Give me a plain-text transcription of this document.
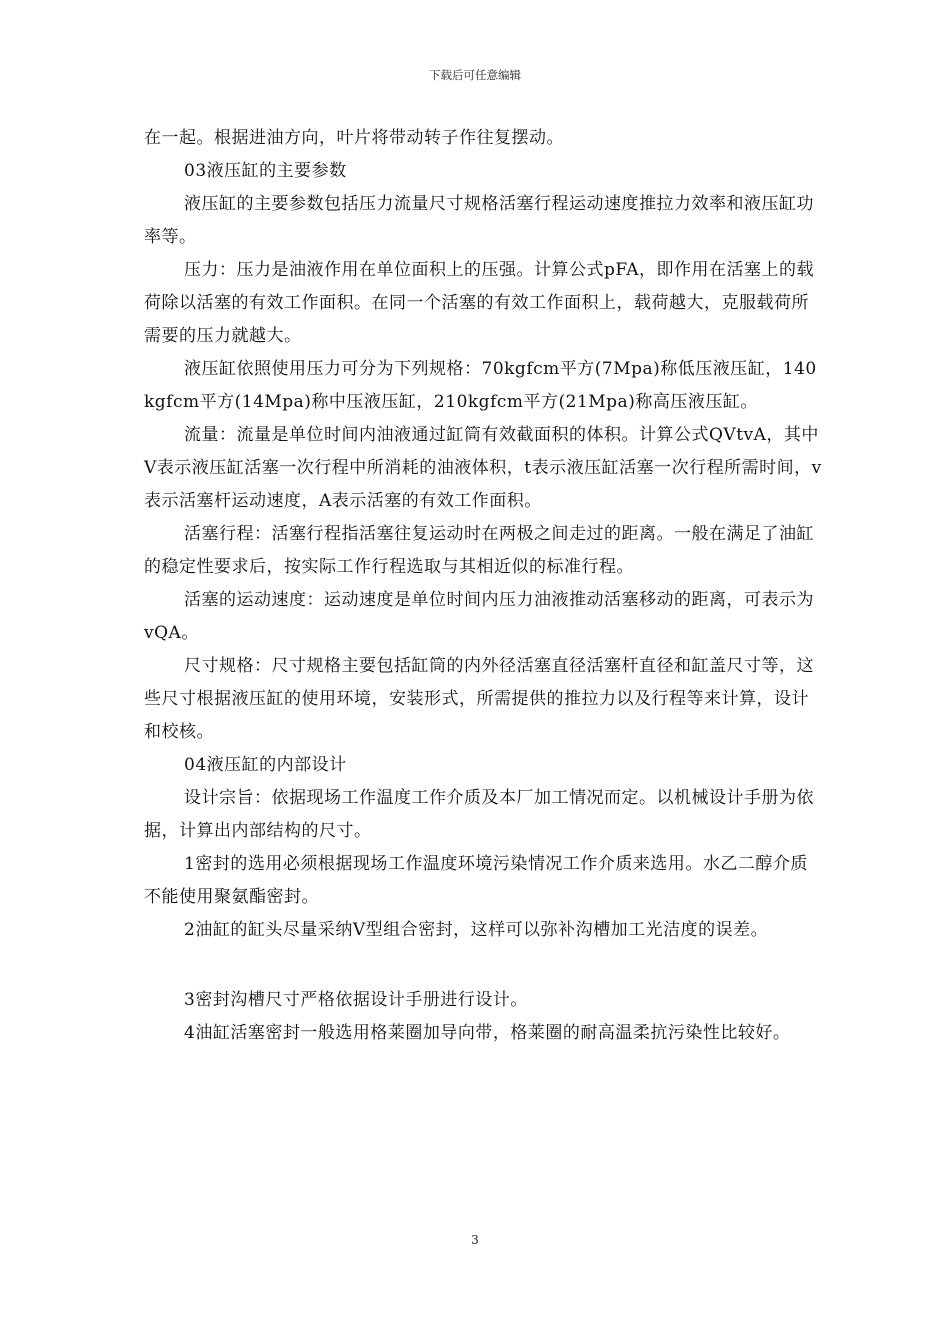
下载后可任意编辑

在一起。根据进油方向，叶片将带动转子作往复摆动。

03液压缸的主要参数

液压缸的主要参数包括压力流量尺寸规格活塞行程运动速度推拉力效率和液压缸功率等。

压力：压力是油液作用在单位面积上的压强。计算公式pFA，即作用在活塞上的载荷除以活塞的有效工作面积。在同一个活塞的有效工作面积上，载荷越大，克服载荷所需要的压力就越大。

液压缸依照使用压力可分为下列规格：70kgfcm平方(7Mpa)称低压液压缸，140kgfcm平方(14Mpa)称中压液压缸，210kgfcm平方(21Mpa)称高压液压缸。

流量：流量是单位时间内油液通过缸筒有效截面积的体积。计算公式QVtvA，其中V表示液压缸活塞一次行程中所消耗的油液体积，t表示液压缸活塞一次行程所需时间，v表示活塞杆运动速度，A表示活塞的有效工作面积。

活塞行程：活塞行程指活塞往复运动时在两极之间走过的距离。一般在满足了油缸的稳定性要求后，按实际工作行程选取与其相近似的标准行程。

活塞的运动速度：运动速度是单位时间内压力油液推动活塞移动的距离，可表示为vQA。

尺寸规格：尺寸规格主要包括缸筒的内外径活塞直径活塞杆直径和缸盖尺寸等，这些尺寸根据液压缸的使用环境，安装形式，所需提供的推拉力以及行程等来计算，设计和校核。

04液压缸的内部设计

设计宗旨：依据现场工作温度工作介质及本厂加工情况而定。以机械设计手册为依据，计算出内部结构的尺寸。

1密封的选用必须根据现场工作温度环境污染情况工作介质来选用。水乙二醇介质不能使用聚氨酯密封。

2油缸的缸头尽量采纳V型组合密封，这样可以弥补沟槽加工光洁度的误差。

3密封沟槽尺寸严格依据设计手册进行设计。

4油缸活塞密封一般选用格莱圈加导向带，格莱圈的耐高温柔抗污染性比较好。

3
